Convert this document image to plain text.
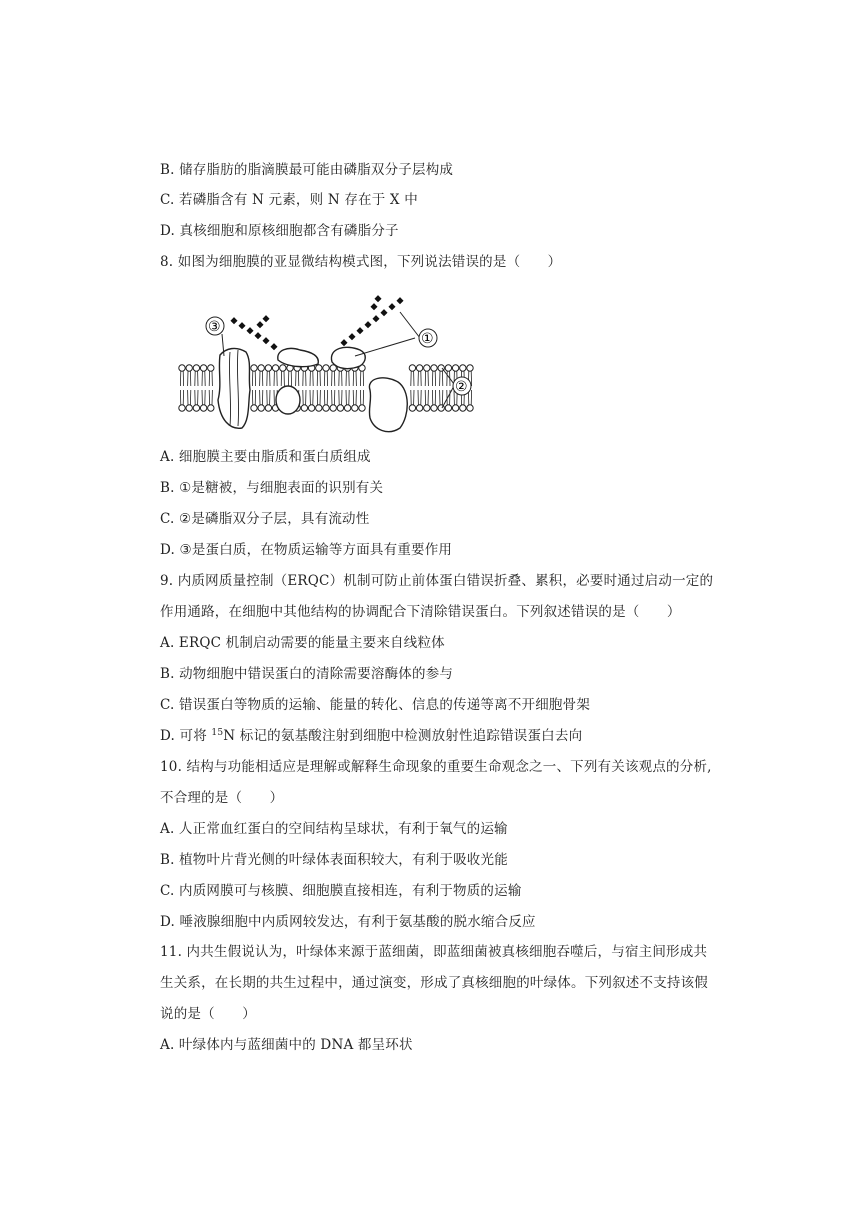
B. 储存脂肪的脂滴膜最可能由磷脂双分子层构成
C. 若磷脂含有 N 元素，则 N 存在于 X 中
D. 真核细胞和原核细胞都含有磷脂分子
8. 如图为细胞膜的亚显微结构模式图，下列说法错误的是（　　）
①
②
③
A. 细胞膜主要由脂质和蛋白质组成
B. ①是糖被，与细胞表面的识别有关
C. ②是磷脂双分子层，具有流动性
D. ③是蛋白质，在物质运输等方面具有重要作用
9. 内质网质量控制（ERQC）机制可防止前体蛋白错误折叠、累积，必要时通过启动一定的
作用通路，在细胞中其他结构的协调配合下清除错误蛋白。下列叙述错误的是（　　）
A. ERQC 机制启动需要的能量主要来自线粒体
B. 动物细胞中错误蛋白的清除需要溶酶体的参与
C. 错误蛋白等物质的运输、能量的转化、信息的传递等离不开细胞骨架
D. 可将 $^{15}$N 标记的氨基酸注射到细胞中检测放射性追踪错误蛋白去向
10. 结构与功能相适应是理解或解释生命现象的重要生命观念之一、下列有关该观点的分析,
不合理的是（　　）
A. 人正常血红蛋白的空间结构呈球状，有利于氧气的运输
B. 植物叶片背光侧的叶绿体表面积较大，有利于吸收光能
C. 内质网膜可与核膜、细胞膜直接相连，有利于物质的运输
D. 唾液腺细胞中内质网较发达，有利于氨基酸的脱水缩合反应
11. 内共生假说认为，叶绿体来源于蓝细菌，即蓝细菌被真核细胞吞噬后，与宿主间形成共
生关系，在长期的共生过程中，通过演变，形成了真核细胞的叶绿体。下列叙述不支持该假
说的是（　　）
A. 叶绿体内与蓝细菌中的 DNA 都呈环状
